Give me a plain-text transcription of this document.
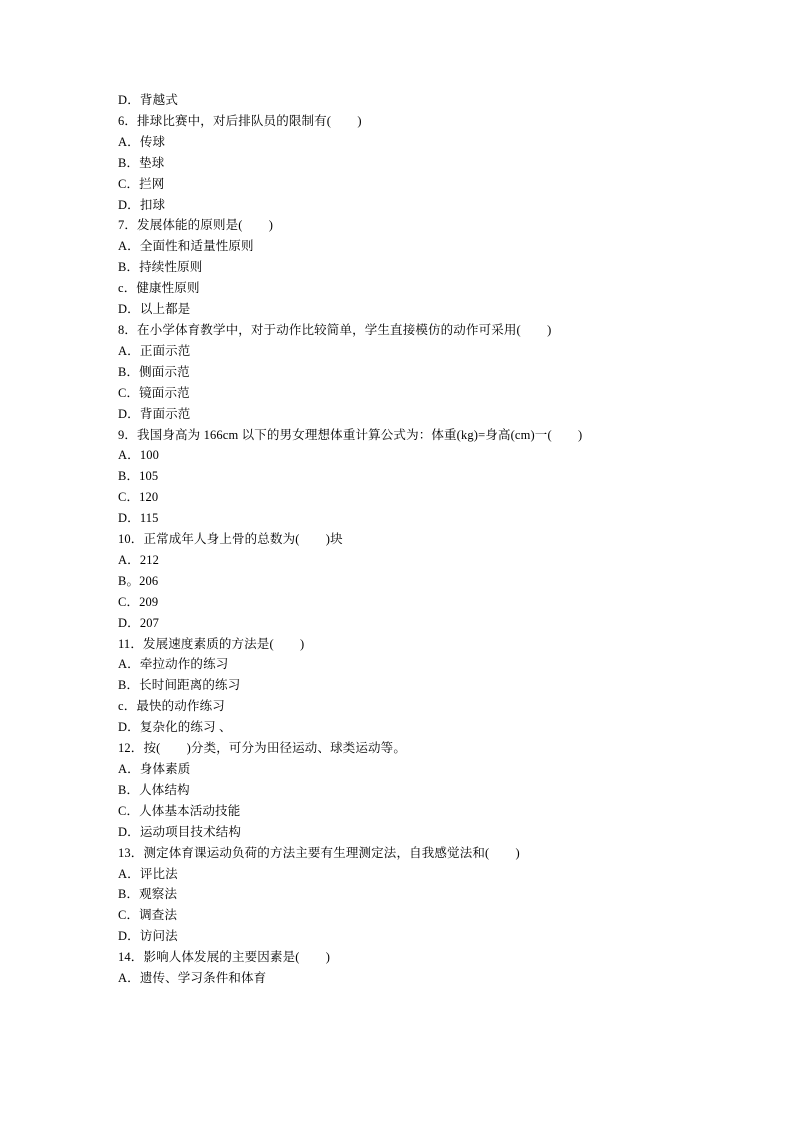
D．背越式
6．排球比赛中，对后排队员的限制有(        )
A．传球
B．垫球
C．拦网
D．扣球
7．发展体能的原则是(        )
A．全面性和适量性原则
B．持续性原则
c．健康性原则
D．以上都是
8．在小学体育教学中，对于动作比较简单，学生直接模仿的动作可采用(        )
A．正面示范
B．侧面示范
C．镜面示范
D．背面示范
9．我国身高为 166cm 以下的男女理想体重计算公式为：体重(kg)=身高(cm)一(        )
A．100
B．105
C．120
D．115
10．正常成年人身上骨的总数为(        )块
A．212
B。206
C．209
D．207
11．发展速度素质的方法是(        )
A．牵拉动作的练习
B．长时间距离的练习
c．最快的动作练习
D．复杂化的练习 、
12．按(        )分类，可分为田径运动、球类运动等。
A．身体素质
B．人体结构
C．人体基本活动技能
D．运动项目技术结构
13．测定体育课运动负荷的方法主要有生理测定法，自我感觉法和(        )
A．评比法
B．观察法
C．调查法
D．访问法
14．影响人体发展的主要因素是(        )
A．遗传、学习条件和体育
